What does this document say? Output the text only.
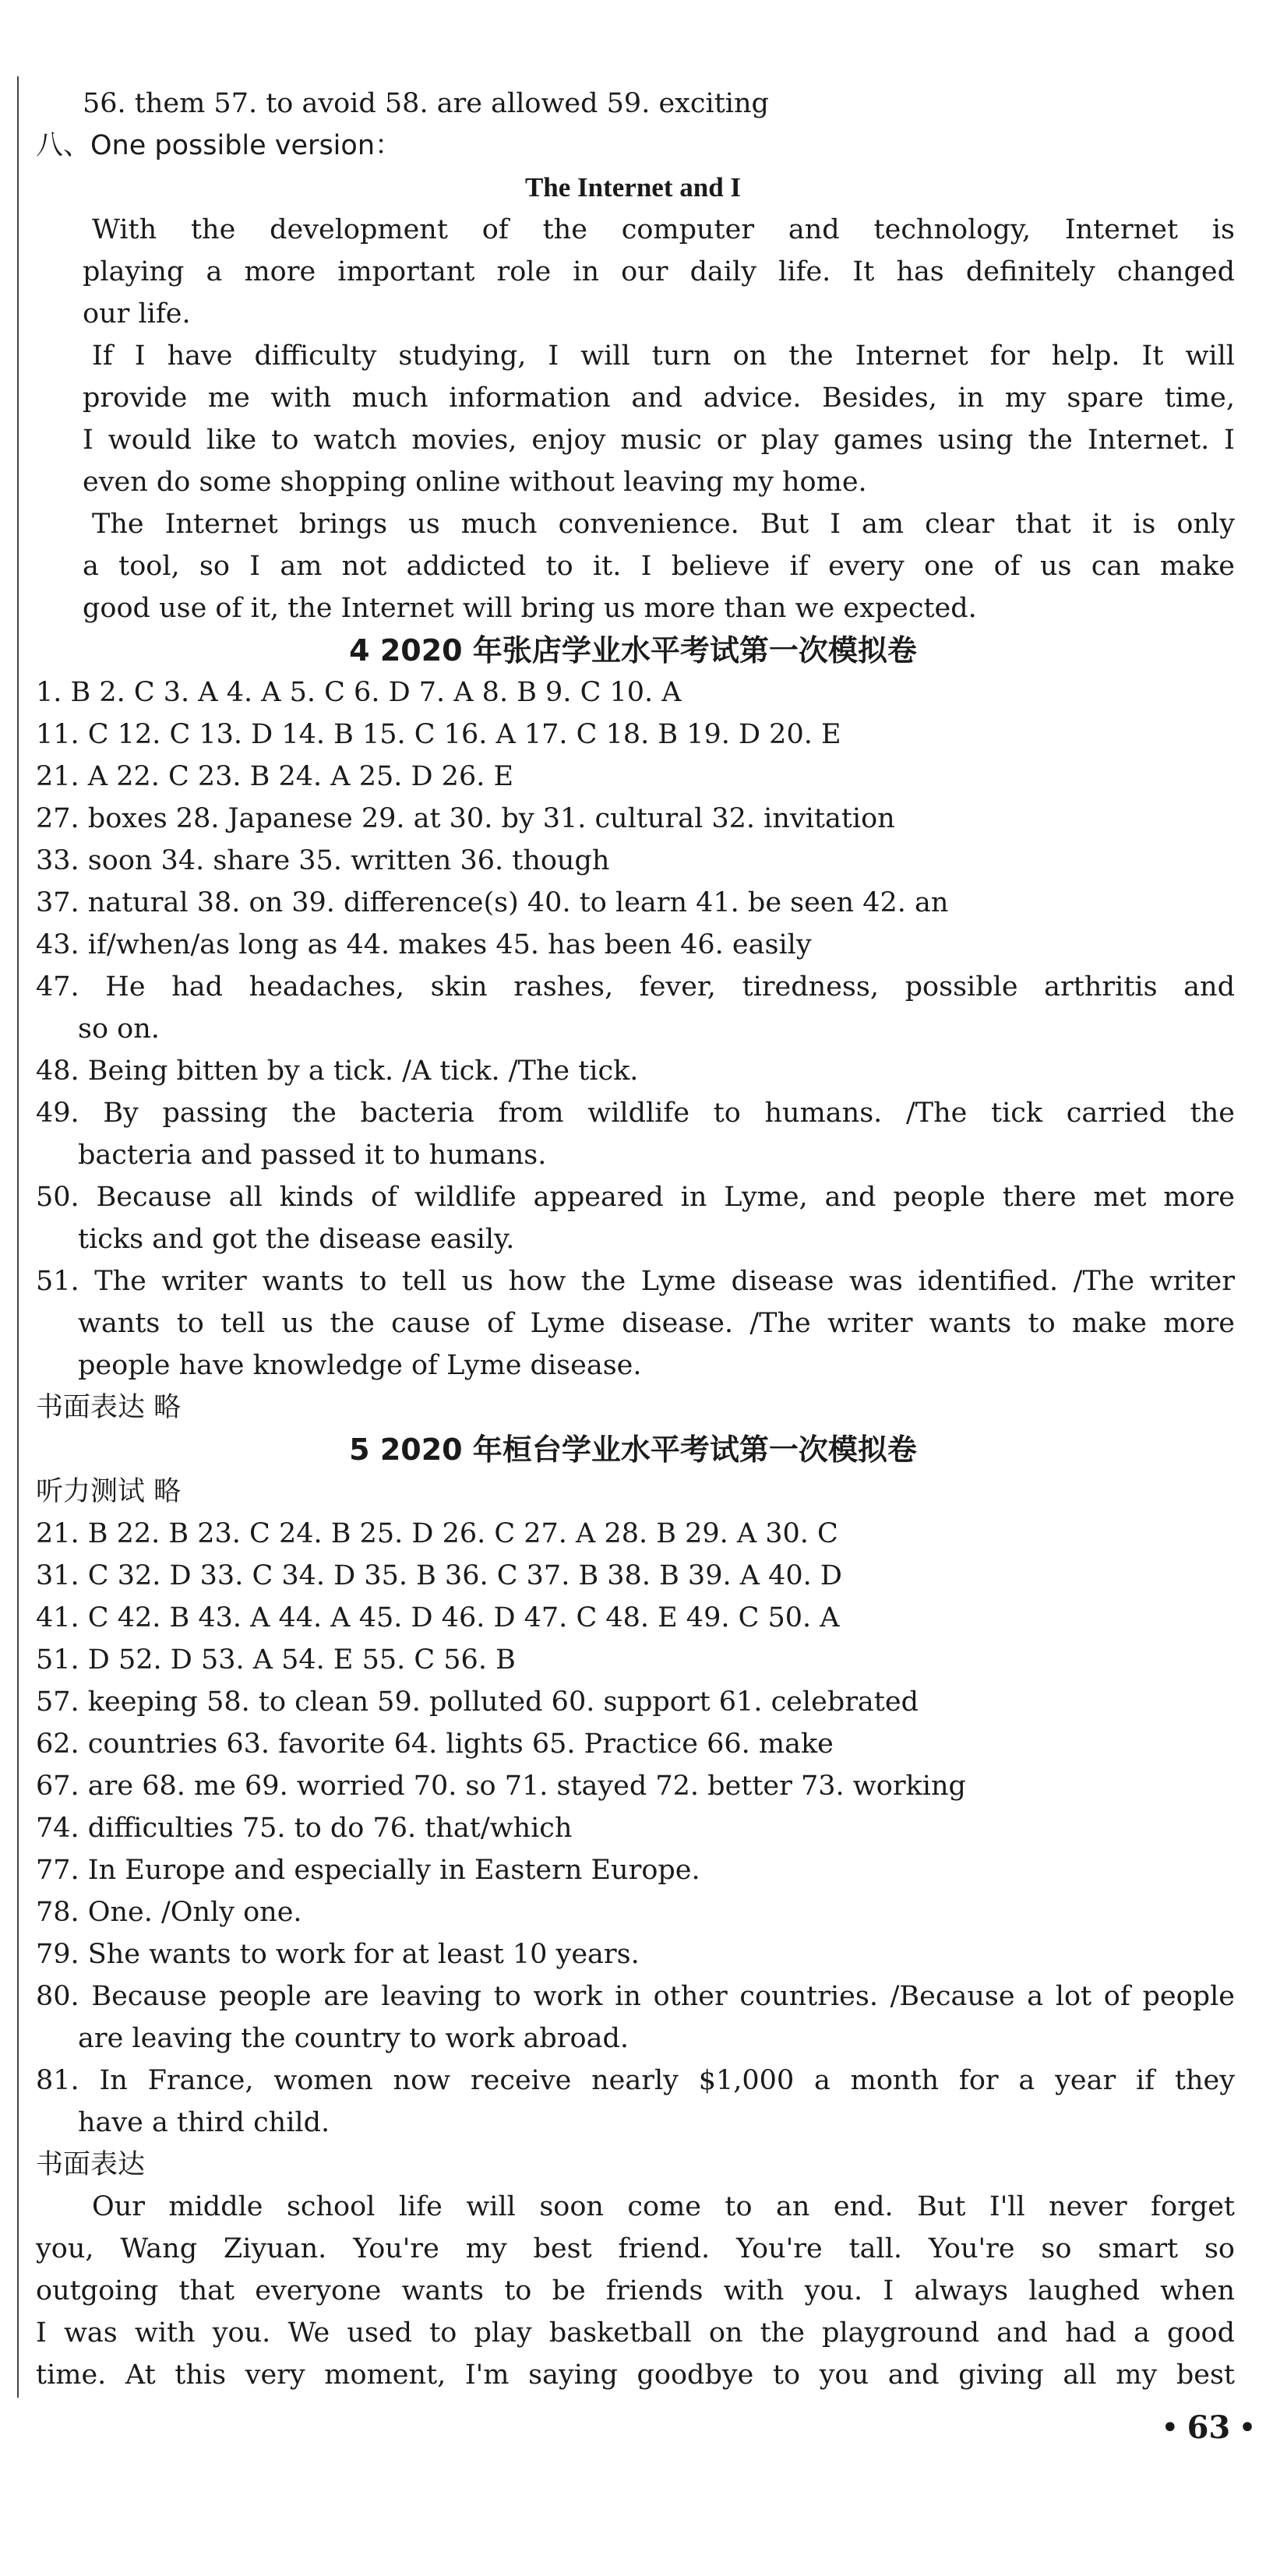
56. them 57. to avoid 58. are allowed 59. exciting
八、One possible version：
The Internet and I
With the development of the computer and technology, Internet is
playing a more important role in our daily life. It has definitely changed
our life.
If I have difficulty studying, I will turn on the Internet for help. It will
provide me with much information and advice. Besides, in my spare time,
I would like to watch movies, enjoy music or play games using the Internet. I
even do some shopping online without leaving my home.
The Internet brings us much convenience. But I am clear that it is only
a tool, so I am not addicted to it. I believe if every one of us can make
good use of it, the Internet will bring us more than we expected.
4 2020 年张店学业水平考试第一次模拟卷
1. B 2. C 3. A 4. A 5. C 6. D 7. A 8. B 9. C 10. A
11. C 12. C 13. D 14. B 15. C 16. A 17. C 18. B 19. D 20. E
21. A 22. C 23. B 24. A 25. D 26. E
27. boxes 28. Japanese 29. at 30. by 31. cultural 32. invitation
33. soon 34. share 35. written 36. though
37. natural 38. on 39. difference(s) 40. to learn 41. be seen 42. an
43. if/when/as long as 44. makes 45. has been 46. easily
47. He had headaches, skin rashes, fever, tiredness, possible arthritis and
so on.
48. Being bitten by a tick. /A tick. /The tick.
49. By passing the bacteria from wildlife to humans. /The tick carried the
bacteria and passed it to humans.
50. Because all kinds of wildlife appeared in Lyme, and people there met more
ticks and got the disease easily.
51. The writer wants to tell us how the Lyme disease was identified. /The writer
wants to tell us the cause of Lyme disease. /The writer wants to make more
people have knowledge of Lyme disease.
书面表达 略
5 2020 年桓台学业水平考试第一次模拟卷
听力测试 略
21. B 22. B 23. C 24. B 25. D 26. C 27. A 28. B 29. A 30. C
31. C 32. D 33. C 34. D 35. B 36. C 37. B 38. B 39. A 40. D
41. C 42. B 43. A 44. A 45. D 46. D 47. C 48. E 49. C 50. A
51. D 52. D 53. A 54. E 55. C 56. B
57. keeping 58. to clean 59. polluted 60. support 61. celebrated
62. countries 63. favorite 64. lights 65. Practice 66. make
67. are 68. me 69. worried 70. so 71. stayed 72. better 73. working
74. difficulties 75. to do 76. that/which
77. In Europe and especially in Eastern Europe.
78. One. /Only one.
79. She wants to work for at least 10 years.
80. Because people are leaving to work in other countries. /Because a lot of people
are leaving the country to work abroad.
81. In France, women now receive nearly $1,000 a month for a year if they
have a third child.
书面表达
Our middle school life will soon come to an end. But I'll never forget
you, Wang Ziyuan. You're my best friend. You're tall. You're so smart so
outgoing that everyone wants to be friends with you. I always laughed when
I was with you. We used to play basketball on the playground and had a good
time. At this very moment, I'm saying goodbye to you and giving all my best
• 63 •
